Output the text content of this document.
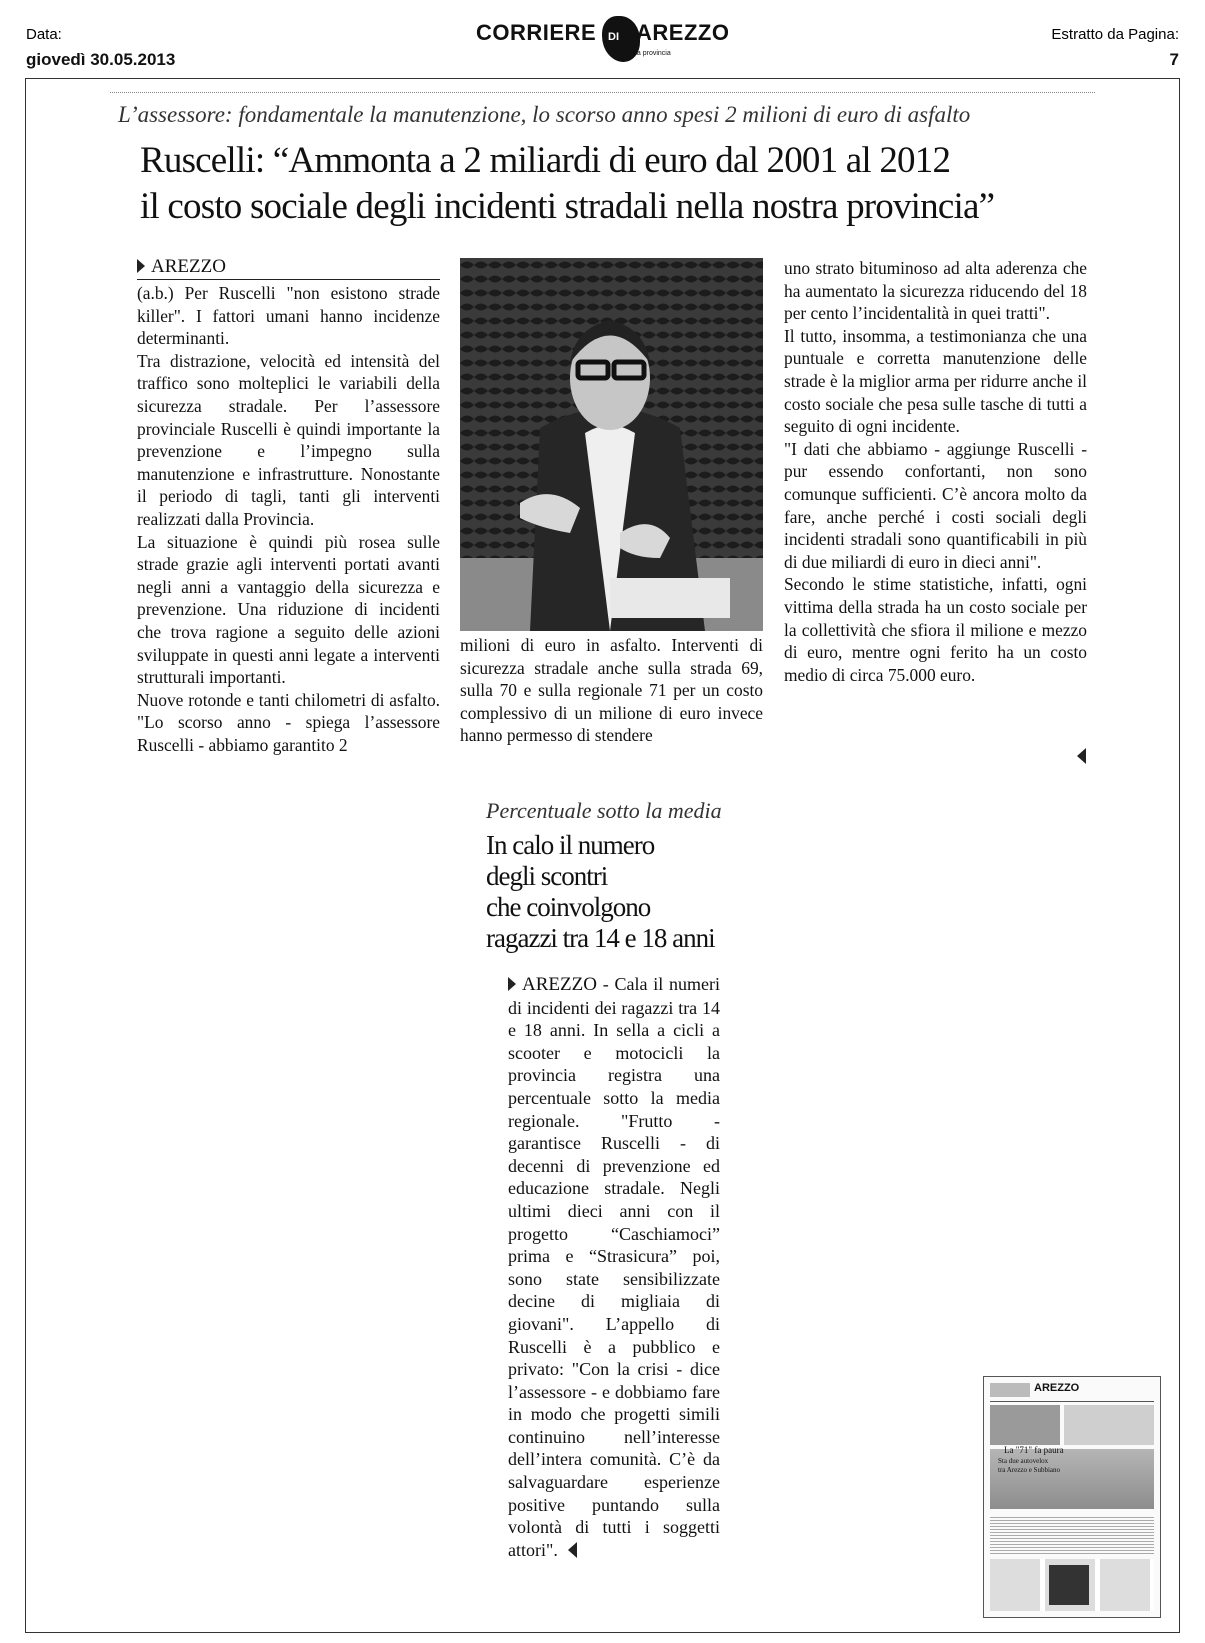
Data:
giovedì 30.05.2013
CORRIERE DI AREZZO
della provincia
Estratto da Pagina:
7
L’assessore: fondamentale la manutenzione, lo scorso anno spesi 2 milioni di euro di asfalto
Ruscelli: “Ammonta a 2 miliardi di euro dal 2001 al 2012
il costo sociale degli incidenti stradali nella nostra provincia”
AREZZO

(a.b.) Per Ruscelli "non esistono strade killer". I fattori umani hanno incidenze determinanti.

Tra distrazione, velocità ed intensità del traffico sono molteplici le variabili della sicurezza stradale. Per l’assessore provinciale Ruscelli è quindi importante la prevenzione e l’impegno sulla manutenzione e infrastrutture. Nonostante il periodo di tagli, tanti gli interventi realizzati dalla Provincia.

La situazione è quindi più rosea sulle strade grazie agli interventi portati avanti negli anni a vantaggio della sicurezza e prevenzione. Una riduzione di incidenti che trova ragione a seguito delle azioni sviluppate in questi anni legate a interventi strutturali importanti.

Nuove rotonde e tanti chilometri di asfalto. "Lo scorso anno - spiega l’assessore Ruscelli - abbiamo garantito 2

milioni di euro in asfalto. Interventi di sicurezza stradale anche sulla strada 69, sulla 70 e sulla regionale 71 per un costo complessivo di un milione di euro invece hanno permesso di stendere

uno strato bituminoso ad alta aderenza che ha aumentato la sicurezza riducendo del 18 per cento l’incidentalità in quei tratti".

Il tutto, insomma, a testimonianza che una puntuale e corretta manutenzione delle strade è la miglior arma per ridurre anche il costo sociale che pesa sulle tasche di tutti a seguito di ogni incidente.

"I dati che abbiamo - aggiunge Ruscelli - pur essendo confortanti, non sono comunque sufficienti. C’è ancora molto da fare, anche perché i costi sociali degli incidenti stradali sono quantificabili in più di due miliardi di euro in dieci anni".

Secondo le stime statistiche, infatti, ogni vittima della strada ha un costo sociale per la collettività che sfiora il milione e mezzo di euro, mentre ogni ferito ha un costo medio di circa 75.000 euro.

Percentuale sotto la media
In calo il numero
degli scontri
che coinvolgono
ragazzi tra 14 e 18 anni
AREZZO - Cala il numeri di incidenti dei ragazzi tra 14 e 18 anni. In sella a cicli a scooter e motocicli la provincia registra una percentuale sotto la media regionale. "Frutto - garantisce Ruscelli - di decenni di prevenzione ed educazione stradale. Negli ultimi dieci anni con il progetto “Caschiamoci” prima e “Strasicura” poi, sono state sensibilizzate decine di migliaia di giovani". L’appello di Ruscelli è a pubblico e privato: "Con la crisi - dice l’assessore - e dobbiamo fare in modo che progetti simili continuino nell’interesse dell’intera comunità. C’è da salvaguardare esperienze positive puntando sulla volontà di tutti i soggetti attori".
AREZZO
La "71" fa paura
Sta due autovelox
tra Arezzo e Subbiano
